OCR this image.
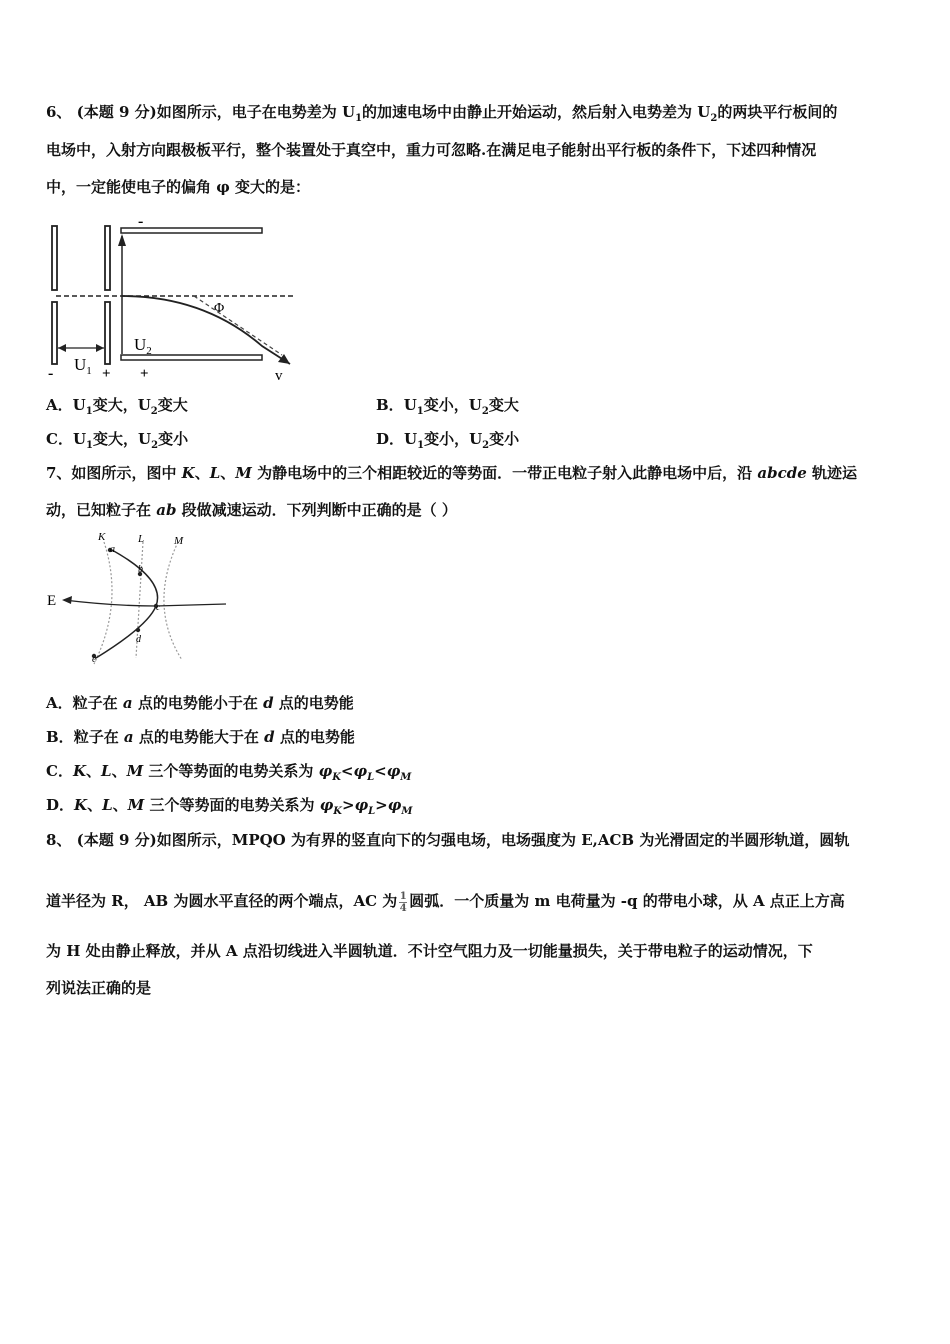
6、 (本题 9 分)如图所示，电子在电势差为 $U_1$的加速电场中由静止开始运动，然后射入电势差为 $U_2$的两块平行板间的
电场中，入射方向跟极板平行，整个装置处于真空中，重力可忽略.在满足电子能射出平行板的条件下，下述四种情况
中，一定能使电子的偏角 φ 变大的是：
-
Φ
$U_2$
- $U_1$ + +	v
A．$U_1$变大，$U_2$变大	B．$U_1$变小，$U_2$变大
C．$U_1$变大，$U_2$变小	D．$U_1$变小，$U_2$变小
7、如图所示，图中 K、L、M 为静电场中的三个相距较近的等势面．一带正电粒子射入此静电场中后，沿 abcde 轨迹运
动，已知粒子在 ab 段做减速运动．下列判断中正确的是（ ）
K	L	M
a
b
c
d
e
E
A．粒子在 a 点的电势能小于在 d 点的电势能
B．粒子在 a 点的电势能大于在 d 点的电势能
C．K、L、M 三个等势面的电势关系为 $\varphi_K<\varphi_L<\varphi_M$
D．K、L、M 三个等势面的电势关系为 $\varphi_K>\varphi_L>\varphi_M$
8、 (本题 9 分)如图所示，MPQO 为有界的竖直向下的匀强电场，电场强度为 E,ACB 为光滑固定的半圆形轨道，圆轨
道半径为 R， AB 为圆水平直径的两个端点，AC 为 $\frac{1}{4}$ 圆弧．一个质量为 m 电荷量为 -q 的带电小球，从 A 点正上方高
为 H 处由静止释放，并从 A 点沿切线进入半圆轨道．不计空气阻力及一切能量损失，关于带电粒子的运动情况，下
列说法正确的是
